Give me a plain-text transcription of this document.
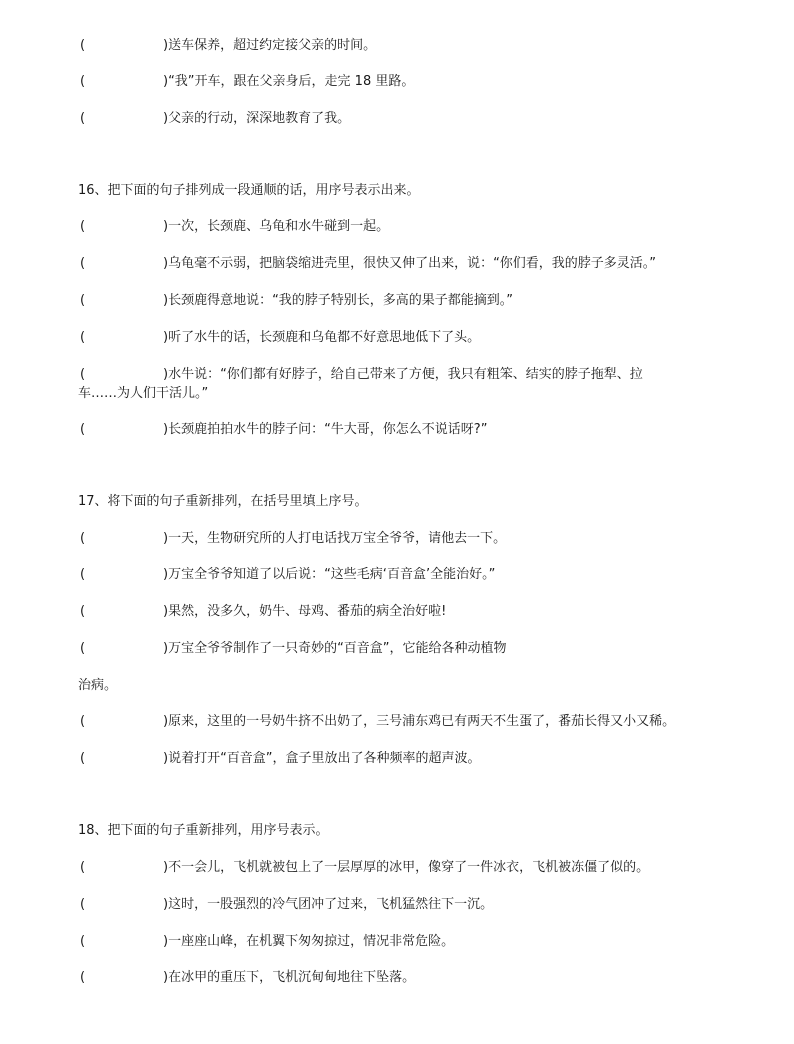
(	)送车保养，超过约定接父亲的时间。
(	)“我”开车，跟在父亲身后，走完 18 里路。
(	)父亲的行动，深深地教育了我。
16、把下面的句子排列成一段通顺的话，用序号表示出来。
(	)一次，长颈鹿、乌龟和水牛碰到一起。
(	)乌龟毫不示弱，把脑袋缩进壳里，很快又伸了出来，说：“你们看，我的脖子多灵活。”
(	)长颈鹿得意地说：“我的脖子特别长，多高的果子都能摘到。”
(	)听了水牛的话，长颈鹿和乌龟都不好意思地低下了头。
(	)水牛说：“你们都有好脖子，给自己带来了方便，我只有粗笨、结实的脖子拖犁、拉
车……为人们干活儿。”
(	)长颈鹿拍拍水牛的脖子问：“牛大哥，你怎么不说话呀?”
17、将下面的句子重新排列，在括号里填上序号。
(	)一天，生物研究所的人打电话找万宝全爷爷，请他去一下。
(	)万宝全爷爷知道了以后说：“这些毛病‘百音盒’全能治好。”
(	)果然，没多久，奶牛、母鸡、番茄的病全治好啦!
(	)万宝全爷爷制作了一只奇妙的“百音盒”，它能给各种动植物
治病。
(	)原来，这里的一号奶牛挤不出奶了，三号浦东鸡已有两天不生蛋了，番茄长得又小又稀。
(	)说着打开“百音盒”，盒子里放出了各种频率的超声波。
18、把下面的句子重新排列，用序号表示。
(	)不一会儿，飞机就被包上了一层厚厚的冰甲，像穿了一件冰衣，飞机被冻僵了似的。
(	)这时，一股强烈的冷气团冲了过来，飞机猛然往下一沉。
(	)一座座山峰，在机翼下匆匆掠过，情况非常危险。
(	)在冰甲的重压下，飞机沉甸甸地往下坠落。
